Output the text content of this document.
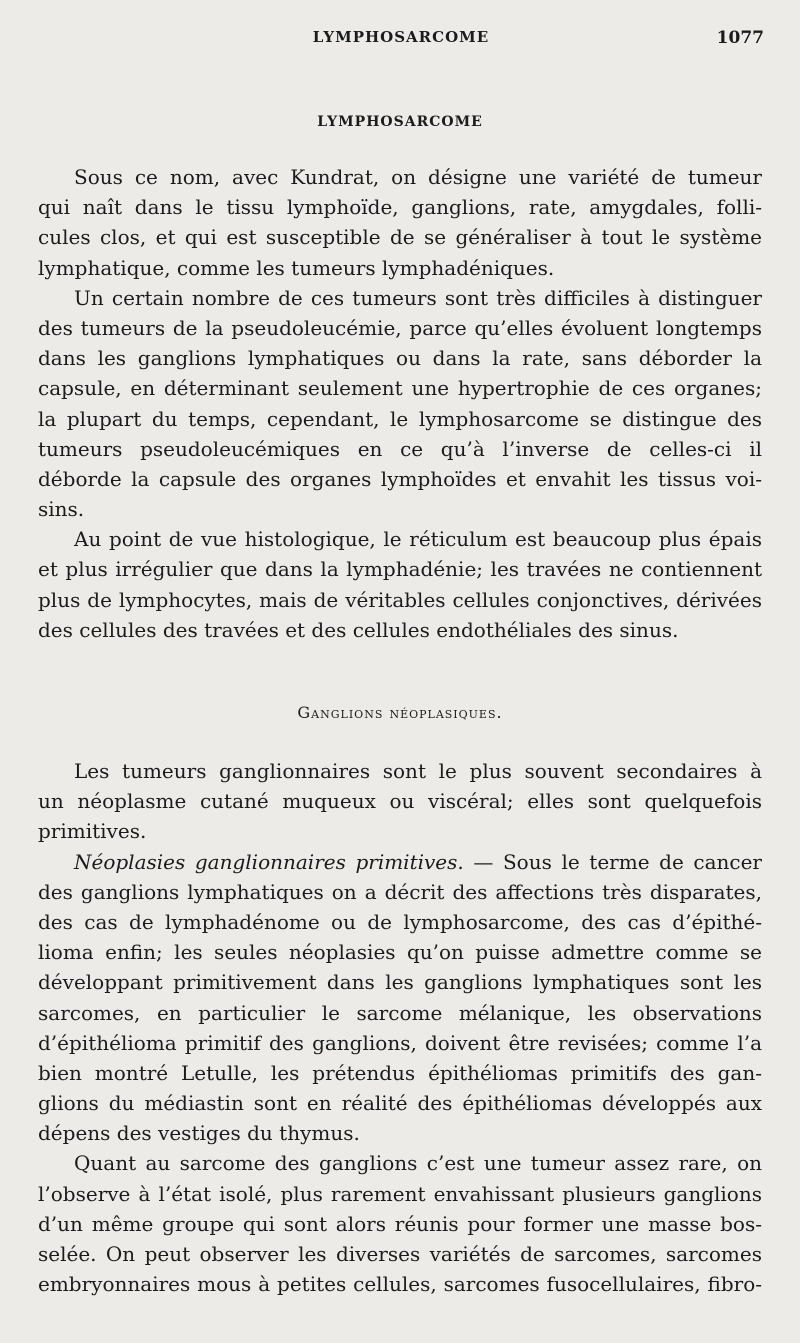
LYMPHOSARCOME	1077
LYMPHOSARCOME
Sous ce nom, avec Kundrat, on désigne une variété de tumeur
qui naît dans le tissu lymphoïde, ganglions, rate, amygdales, folli-
cules clos, et qui est susceptible de se généraliser à tout le système
lymphatique, comme les tumeurs lymphadéniques.
Un certain nombre de ces tumeurs sont très difficiles à distinguer
des tumeurs de la pseudoleucémie, parce qu’elles évoluent longtemps
dans les ganglions lymphatiques ou dans la rate, sans déborder la
capsule, en déterminant seulement une hypertrophie de ces organes;
la plupart du temps, cependant, le lymphosarcome se distingue des
tumeurs pseudoleucémiques en ce qu’à l’inverse de celles-ci il
déborde la capsule des organes lymphoïdes et envahit les tissus voi-
sins.
Au point de vue histologique, le réticulum est beaucoup plus épais
et plus irrégulier que dans la lymphadénie; les travées ne contiennent
plus de lymphocytes, mais de véritables cellules conjonctives, dérivées
des cellules des travées et des cellules endothéliales des sinus.
Ganglions néoplasiques.
Les tumeurs ganglionnaires sont le plus souvent secondaires à
un néoplasme cutané muqueux ou viscéral; elles sont quelquefois
primitives.
Néoplasies ganglionnaires primitives. — Sous le terme de cancer
des ganglions lymphatiques on a décrit des affections très disparates,
des cas de lymphadénome ou de lymphosarcome, des cas d’épithé-
lioma enfin; les seules néoplasies qu’on puisse admettre comme se
développant primitivement dans les ganglions lymphatiques sont les
sarcomes, en particulier le sarcome mélanique, les observations
d’épithélioma primitif des ganglions, doivent être revisées; comme l’a
bien montré Letulle, les prétendus épithéliomas primitifs des gan-
glions du médiastin sont en réalité des épithéliomas développés aux
dépens des vestiges du thymus.
Quant au sarcome des ganglions c’est une tumeur assez rare, on
l’observe à l’état isolé, plus rarement envahissant plusieurs ganglions
d’un même groupe qui sont alors réunis pour former une masse bos-
selée. On peut observer les diverses variétés de sarcomes, sarcomes
embryonnaires mous à petites cellules, sarcomes fusocellulaires, fibro-
